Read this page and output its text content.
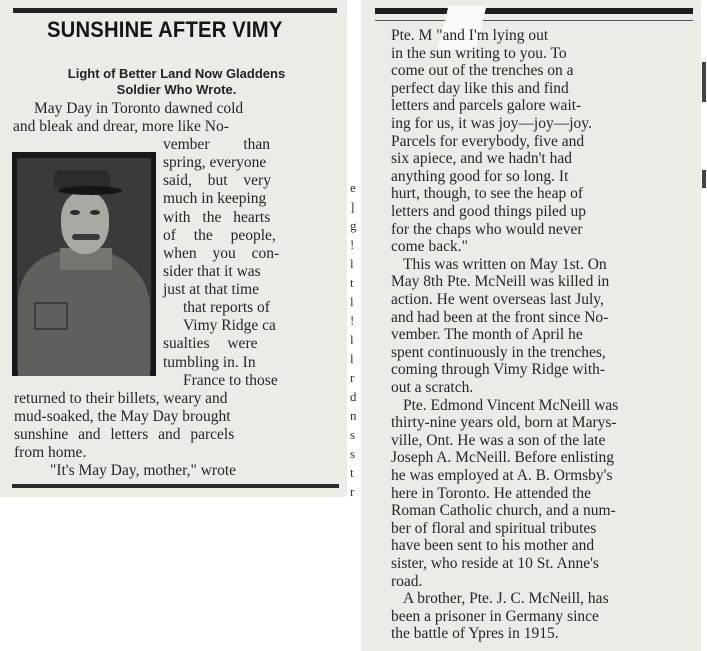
SUNSHINE AFTER VIMY
Light of Better Land Now Gladdens
Soldier Who Wrote.
May Day in Toronto dawned cold
and bleak and drear, more like No-
vember than
spring, everyone
said, but very
much in keeping
with the hearts
of the people,
when you con-
sider that it was
just at that time
that reports of
Vimy Ridge ca
sualties were
tumbling in. In
France to those
returned to their billets, weary and
mud-soaked, the May Day brought
sunshine and letters and parcels
from home.
"It's May Day, mother," wrote
e
]
g
!
l
t
l
!
l
l
r
d
n
s
s
t
r
Pte. M "and I'm lying out
in the sun writing to you. To
come out of the trenches on a
perfect day like this and find
letters and parcels galore wait-
ing for us, it was joy—joy—joy.
Parcels for everybody, five and
six apiece, and we hadn't had
anything good for so long. It
hurt, though, to see the heap of
letters and good things piled up
for the chaps who would never
come back."
This was written on May 1st. On
May 8th Pte. McNeill was killed in
action. He went overseas last July,
and had been at the front since No-
vember. The month of April he
spent continuously in the trenches,
coming through Vimy Ridge with-
out a scratch.
Pte. Edmond Vincent McNeill was
thirty-nine years old, born at Marys-
ville, Ont. He was a son of the late
Joseph A. McNeill. Before enlisting
he was employed at A. B. Ormsby's
here in Toronto. He attended the
Roman Catholic church, and a num-
ber of floral and spiritual tributes
have been sent to his mother and
sister, who reside at 10 St. Anne's
road.
A brother, Pte. J. C. McNeill, has
been a prisoner in Germany since
the battle of Ypres in 1915.
